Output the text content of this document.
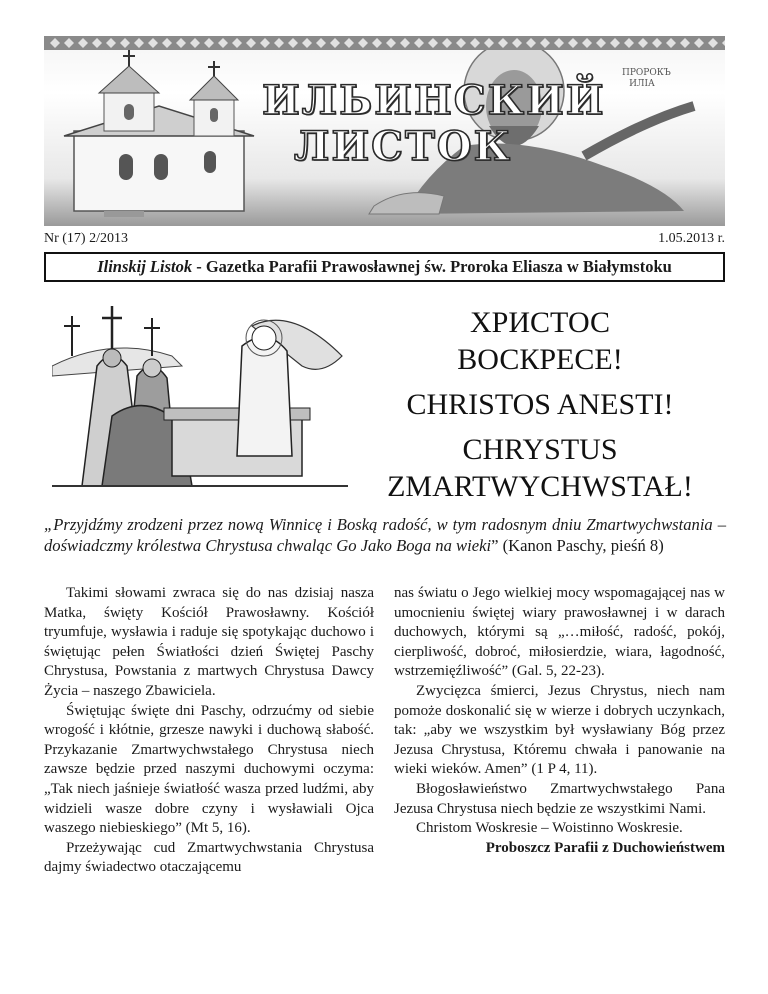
ИЛЬИНСКИЙ
ЛИСТОК
ПРОРОКЪ
ИЛІА
Nr (17) 2/2013	1.05.2013 r.
Ilinskij Listok - Gazetka Parafii Prawosławnej św. Proroka Eliasza w Białymstoku
ХРИСТОС
ВОСКРЕСЕ!
CHRISTOS ANESTI!
CHRYSTUS
ZMARTWYCHWSTAŁ!
„Przyjdźmy zrodzeni przez nową Winnicę i Boską radość, w tym radosnym dniu Zmartwychwstania – doświadczmy królestwa Chrystusa chwaląc Go Jako Boga na wieki” (Kanon Paschy, pieśń 8)

Takimi słowami zwraca się do nas dzisiaj nasza Matka, święty Kościół Prawosławny. Kościół tryumfuje, wysławia i raduje się spotykając duchowo i świętując pełen Światłości dzień Świętej Paschy Chrystusa, Powstania z martwych Chrystusa Dawcy Życia – naszego Zbawiciela.

Świętując święte dni Paschy, odrzućmy od siebie wrogość i kłótnie, grzesze nawyki i duchową słabość. Przykazanie Zmartwychwstałego Chrystusa niech zawsze będzie przed naszymi duchowymi oczyma: „Tak niech jaśnieje światłość wasza przed ludźmi, aby widzieli wasze dobre czyny i wysławiali Ojca waszego niebieskiego” (Mt 5, 16).

Przeżywając cud Zmartwychwstania Chrystusa dajmy świadectwo otaczającemu

nas światu o Jego wielkiej mocy wspomagającej nas w umocnieniu świętej wiary prawosławnej i w darach duchowych, którymi są „…miłość, radość, pokój, cierpliwość, dobroć, miłosierdzie, wiara, łagodność, wstrzemięźliwość” (Gal. 5, 22-23).

Zwycięzca śmierci, Jezus Chrystus, niech nam pomoże doskonalić się w wierze i dobrych uczynkach, tak: „aby we wszystkim był wysławiany Bóg przez Jezusa Chrystusa, Któremu chwała i panowanie na wieki wieków. Amen” (1 P 4, 11).

Błogosławieństwo Zmartwychwstałego Pana Jezusa Chrystusa niech będzie ze wszystkimi Nami.

Christom Woskresie – Woistinno Woskresie.

Proboszcz Parafii z Duchowieństwem
